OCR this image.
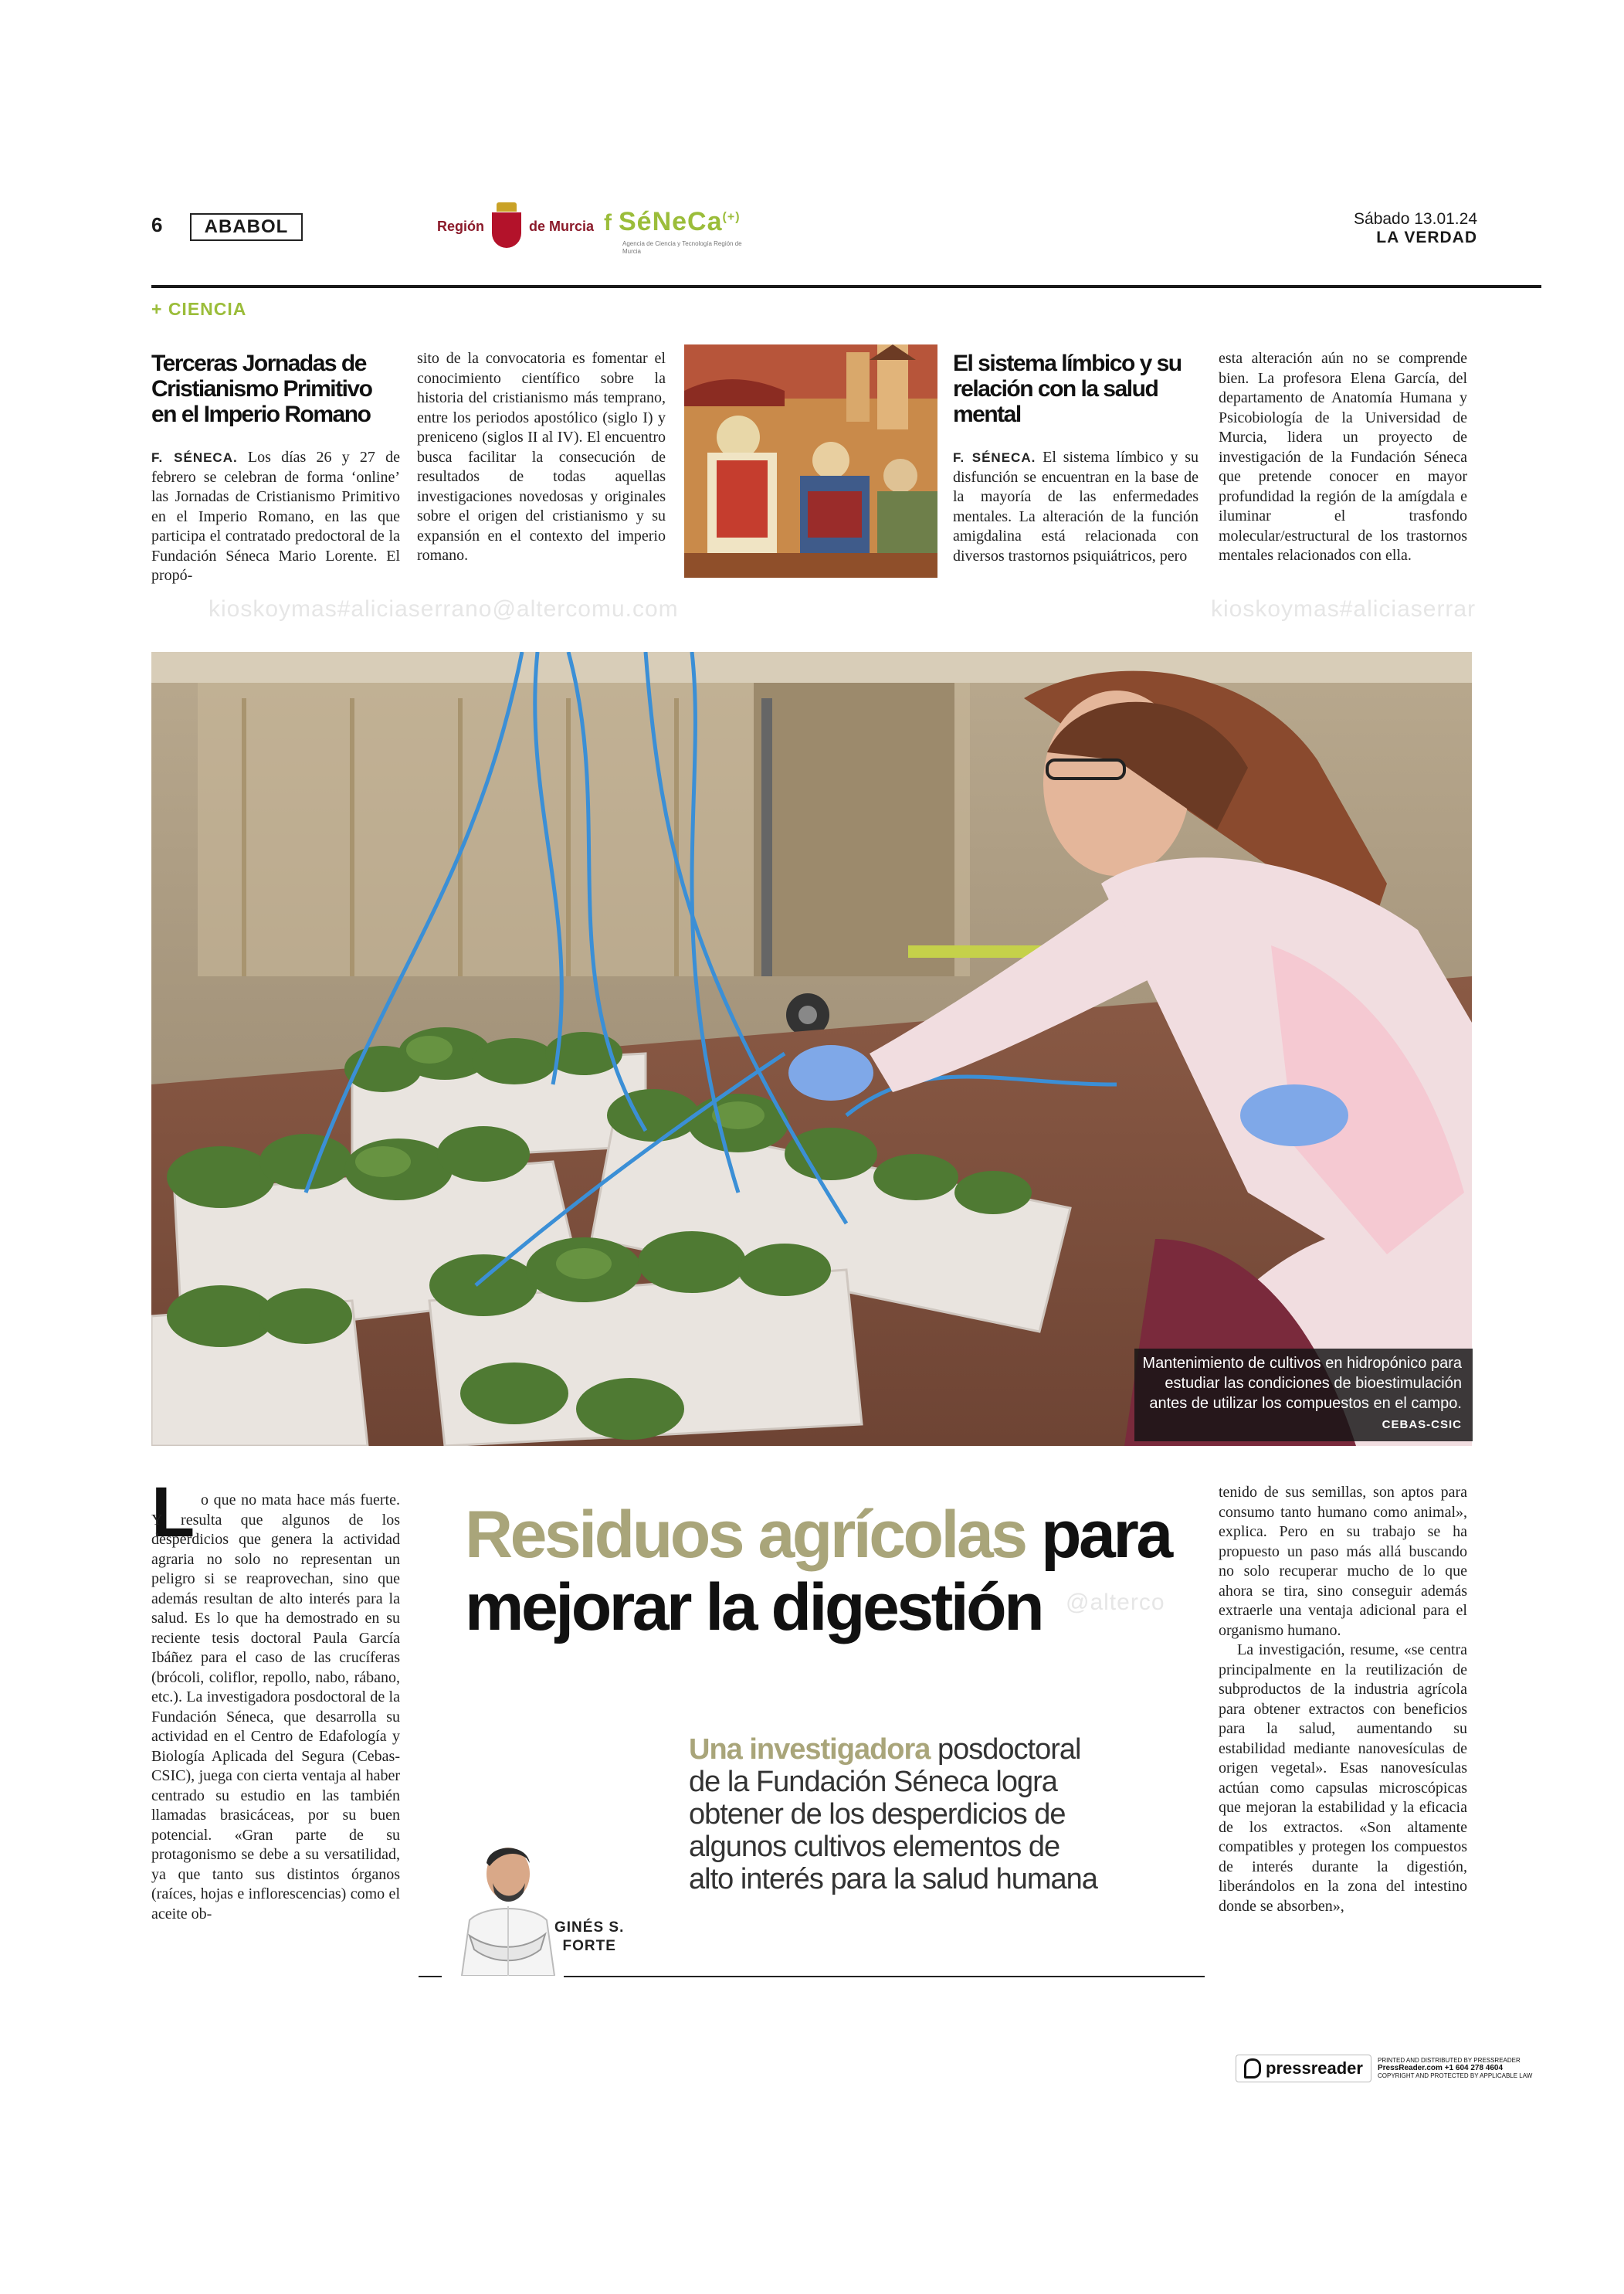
6	ABABOL	Región	de Murcia f SéNeCa(+)
Agencia de Ciencia y Tecnología Región de Murcia
Sábado 13.01.24
LA VERDAD
+ CIENCIA
Terceras Jornadas de Cristianismo Primitivo en el Imperio Romano
F. SÉNECA. Los días 26 y 27 de febrero se celebran de forma ‘online’ las Jornadas de Cristianismo Primitivo en el Imperio Romano, en las que participa el contratado predoctoral de la Fundación Séneca Mario Lorente. El propó-
sito de la convocatoria es fomentar el conocimiento científico sobre la historia del cristianismo más temprano, entre los periodos apostólico (siglo I) y preniceno (siglos II al IV). El encuentro busca facilitar la consecución de resultados de todas aquellas investigaciones novedosas y originales sobre el origen del cristianismo y su expansión en el contexto del imperio romano.
El sistema límbico y su relación con la salud mental
F. SÉNECA. El sistema límbico y su disfunción se encuentran en la base de la mayoría de las enfermedades mentales. La alteración de la función amigdalina está relacionada con diversos trastornos psiquiátricos, pero
esta alteración aún no se comprende bien. La profesora Elena García, del departamento de Anatomía Humana y Psicobiología de la Universidad de Murcia, lidera un proyecto de investigación de la Fundación Séneca que pretende conocer en mayor profundidad la región de la amígdala e iluminar el trasfondo molecular/estructural de los trastornos mentales relacionados con ella.
kioskoymas#aliciaserrano@altercomu.com	kioskoymas#aliciaserrar
Mantenimiento de cultivos en hidropónico para estudiar las condiciones de bioestimulación antes de utilizar los compuestos en el campo. CEBAS-CSIC
L o que no mata hace más fuerte. Y resulta que algunos de los desperdicios que genera la actividad agraria no solo no representan un peligro si se reaprovechan, sino que además resultan de alto interés para la salud. Es lo que ha demostrado en su reciente tesis doctoral Paula García Ibáñez para el caso de las crucíferas (brócoli, coliflor, repollo, nabo, rábano, etc.). La investigadora posdoctoral de la Fundación Séneca, que desarrolla su actividad en el Centro de Edafología y Biología Aplicada del Segura (Cebas-CSIC), juega con cierta ventaja al haber centrado su estudio en las también llamadas brasicáceas, por su buen potencial. «Gran parte de su protagonismo se debe a su versatilidad, ya que tanto sus distintos órganos (raíces, hojas e inflorescencias) como el aceite ob-
Residuos agrícolas para mejorar la digestión	@alterco
Una investigadora posdoctoral de la Fundación Séneca logra obtener de los desperdicios de algunos cultivos elementos de alto interés para la salud humana
GINÉS S.
FORTE

tenido de sus semillas, son aptos para consumo tanto humano como animal», explica. Pero en su trabajo se ha propuesto un paso más allá buscando no solo recuperar mucho de lo que ahora se tira, sino conseguir además extraerle una ventaja adicional para el organismo humano.

La investigación, resume, «se centra principalmente en la reutilización de subproductos de la industria agrícola para obtener extractos con beneficios para la salud, aumentando su estabilidad mediante nanovesículas de origen vegetal». Esas nanovesículas actúan como capsulas microscópicas que mejoran la estabilidad y la eficacia de los extractos. «Son altamente compatibles y protegen los compuestos de interés durante la digestión, liberándolos en la zona del intestino donde se absorben»,

pressreader PRINTED AND DISTRIBUTED BY PRESSREADER
PressReader.com +1 604 278 4604
COPYRIGHT AND PROTECTED BY APPLICABLE LAW
